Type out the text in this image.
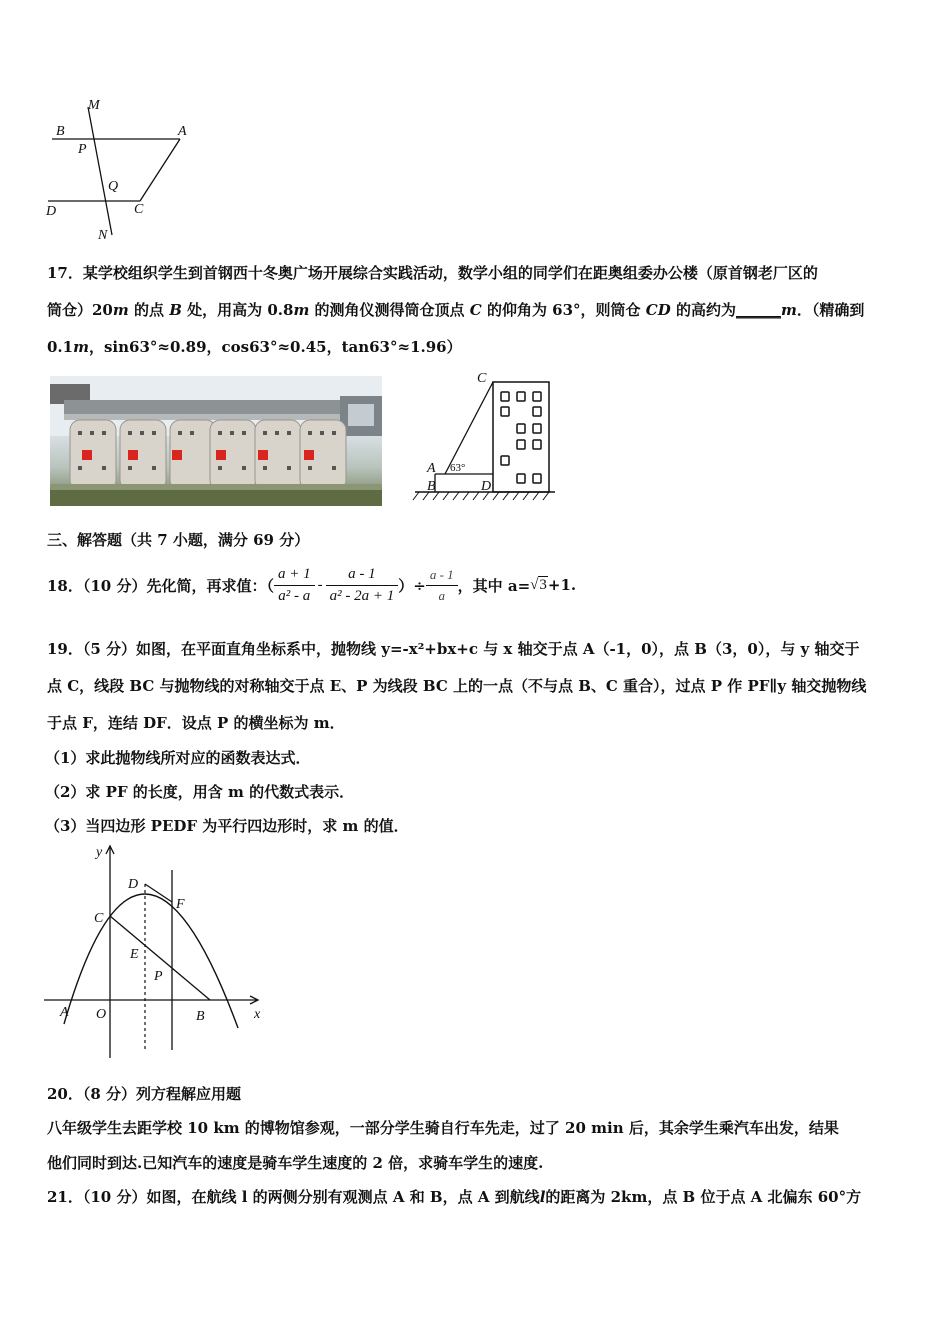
M
B	A
P
Q
D	C
N
17．某学校组织学生到首钢西十冬奥广场开展综合实践活动，数学小组的同学们在距奥组委办公楼（原首钢老厂区的
筒仓）20m 的点 B 处，用高为 0.8m 的测角仪测得筒仓顶点 C 的仰角为 63°，则筒仓 CD 的高约为______m．（精确到
0.1m，sin63°≈0.89，cos63°≈0.45，tan63°≈1.96）
C
A
B	D
63°
三、解答题（共 7 小题，满分 69 分）
18．（10 分）先化简，再求值：（ $\frac{a + 1}{\text{a² - a}} - \frac{a - 1}{\text{a² - 2a + 1}}$ ）÷ $\frac{a - 1}{a}$ ，其中 a= √3 +1.
19．（5 分）如图，在平面直角坐标系中，抛物线 y=-x²+bx+c 与 x 轴交于点 A（-1，0），点 B（3，0），与 y 轴交于
点 C，线段 BC 与抛物线的对称轴交于点 E、P 为线段 BC 上的一点（不与点 B、C 重合），过点 P 作 PF∥y 轴交抛物线
于点 F，连结 DF．设点 P 的横坐标为 m．
（1）求此抛物线所对应的函数表达式．
（2）求 PF 的长度，用含 m 的代数式表示．
（3）当四边形 PEDF 为平行四边形时，求 m 的值．
y
x
D
F
C
E
P
A O	B
20．（8 分）列方程解应用题
八年级学生去距学校 10 km 的博物馆参观，一部分学生骑自行车先走，过了 20 min 后，其余学生乘汽车出发，结果
他们同时到达.已知汽车的速度是骑车学生速度的 2 倍，求骑车学生的速度.
21．（10 分）如图，在航线 l 的两侧分别有观测点 A 和 B，点 A 到航线l的距离为 2km，点 B 位于点 A 北偏东 60°方
